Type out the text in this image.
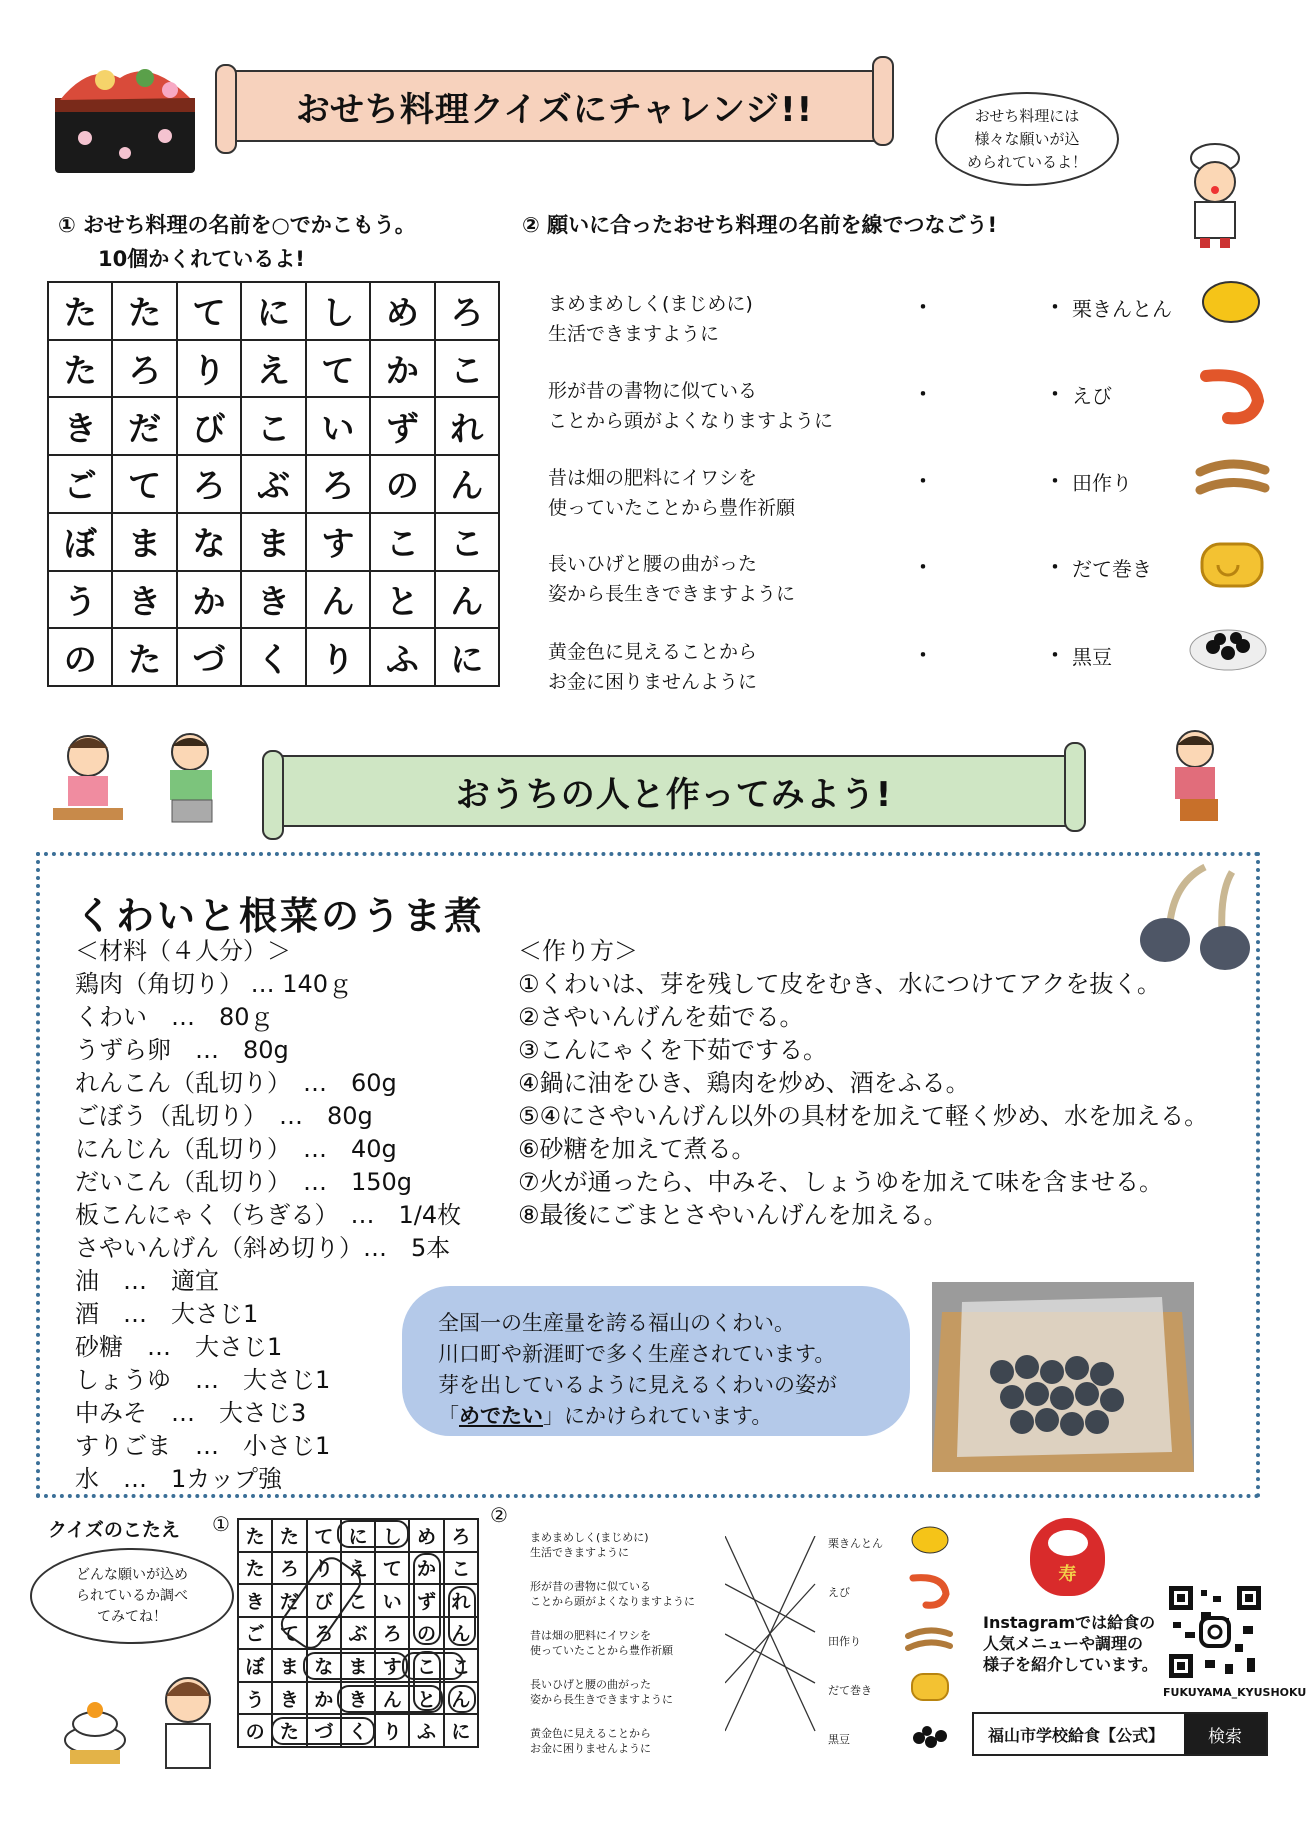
おせち料理クイズにチャレンジ!!	おせち料理には
様々な願いが込
められているよ！
① おせち料理の名前を○でかこもう。
10個かくれているよ!
た	た	て	に	し	め	ろ
た	ろ	り	え	て	か	こ
き	だ	び	こ	い	ず	れ
ご	て	ろ	ぶ	ろ	の	ん
ぼ	ま	な	ま	す	こ	こ
う	き	か	き	ん	と	ん
の	た	づ	く	り	ふ	に
② 願いに合ったおせち料理の名前を線でつなごう!
まめまめしく(まじめに)
生活できますように
・	・ 栗きんとん
形が昔の書物に似ている
ことから頭がよくなりますように
・	・ えび
昔は畑の肥料にイワシを
使っていたことから豊作祈願
・	・ 田作り
長いひげと腰の曲がった
姿から長生きできますように
・	・ だて巻き
黄金色に見えることから
お金に困りませんように
・	・ 黒豆
おうちの人と作ってみよう!
くわいと根菜のうま煮
＜材料（４人分）＞
鶏肉（角切り） … 140ｇ
くわい　…　80ｇ
うずら卵　…　80g
れんこん（乱切り）　…　60g
ごぼう（乱切り）　…　80g
にんじん（乱切り）　…　40g
だいこん（乱切り）　…　150g
板こんにゃく（ちぎる）　…　1/4枚
さやいんげん（斜め切り）…　5本
油　…　適宜
酒　…　大さじ1
砂糖　…　大さじ1
しょうゆ　…　大さじ1
中みそ　…　大さじ3
すりごま　…　小さじ1
水　…　1カップ強
＜作り方＞
①くわいは、芽を残して皮をむき、水につけてアクを抜く。
②さやいんげんを茹でる。
③こんにゃくを下茹でする。
④鍋に油をひき、鶏肉を炒め、酒をふる。
⑤④にさやいんげん以外の具材を加えて軽く炒め、水を加える。
⑥砂糖を加えて煮る。
⑦火が通ったら、中みそ、しょうゆを加えて味を含ませる。
⑧最後にごまとさやいんげんを加える。
全国一の生産量を誇る福山のくわい。
川口町や新涯町で多く生産されています。
芽を出しているように見えるくわいの姿が
「めでたい」にかけられています。
クイズのこたえ ①	②
どんな願いが込め
られているか調べ
てみてね！
た	た	て	に	し	め	ろ
た	ろ	り	え	て	か	こ
き	だ	び	こ	い	ず	れ
ご	て	ろ	ぶ	ろ	の	ん
ぼ	ま	な	ま	す	こ	こ
う	き	か	き	ん	と	ん
の	た	づ	く	り	ふ	に
まめまめしく(まじめに)
生活できますように
栗きんとん
形が昔の書物に似ている
ことから頭がよくなりますように
えび
昔は畑の肥料にイワシを
使っていたことから豊作祈願
田作り
長いひげと腰の曲がった
姿から長生きできますように
だて巻き
黄金色に見えることから
お金に困りませんように
黒豆
寿
Instagramでは給食の
人気メニューや調理の
様子を紹介しています。
FUKUYAMA_KYUSHOKU
福山市学校給食【公式】	検索
